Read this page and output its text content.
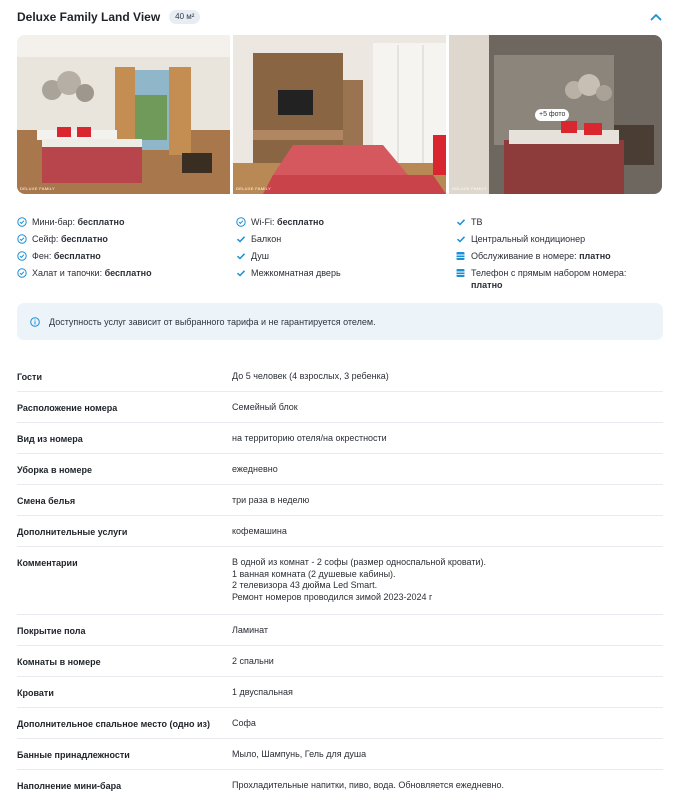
Deluxe Family Land View	40 м²
DELUXE FAMILY	DELUXE FAMILY	DELUXE FAMILY
+5 фото
Мини-бар: бесплатно
Сейф: бесплатно
Фен: бесплатно
Халат и тапочки: бесплатно
Wi-Fi: бесплатно
Балкон
Душ
Межкомнатная дверь
ТВ
Центральный кондиционер
Обслуживание в номере: платно
Телефон с прямым набором номера:
платно
Доступность услуг зависит от выбранного тарифа и не гарантируется отелем.
Гости	До 5 человек (4 взрослых, 3 ребенка)
Расположение номера	Семейный блок
Вид из номера	на территорию отеля/на окрестности
Уборка в номере	ежедневно
Смена белья	три раза в неделю
Дополнительные услуги	кофемашина
Комментарии	В одной из комнат - 2 софы (размер односпальной кровати).
1 ванная комната (2 душевые кабины).
2 телевизора 43 дюйма Led Smart.
Ремонт номеров проводился зимой 2023-2024 г
Покрытие пола	Ламинат
Комнаты в номере	2 спальни
Кровати	1 двуспальная
Дополнительное спальное место (одно из)	Софа
Банные принадлежности	Мыло, Шампунь, Гель для душа
Наполнение мини-бара	Прохладительные напитки, пиво, вода. Обновляется ежедневно.
